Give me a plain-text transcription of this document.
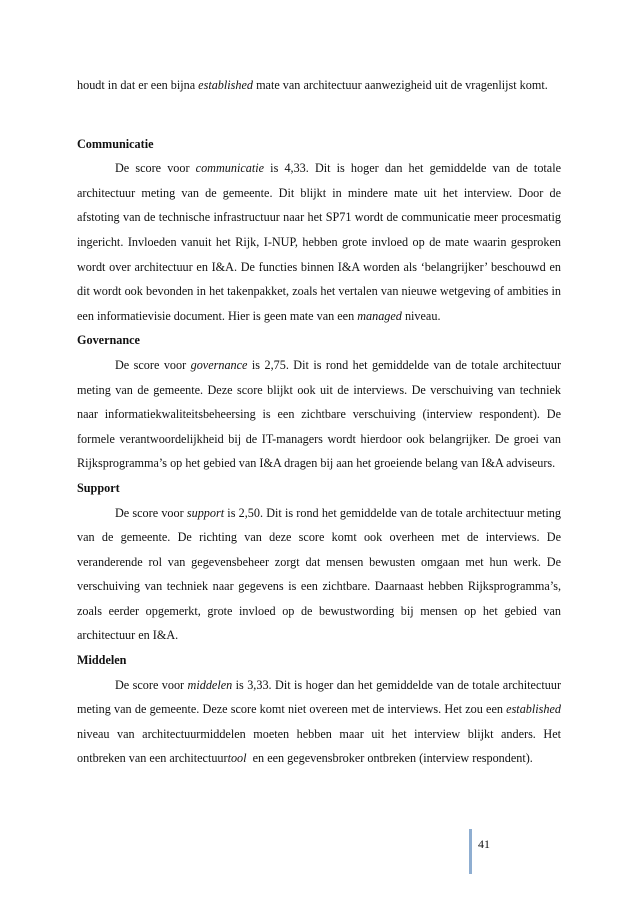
houdt in dat er een bijna established mate van architectuur aanwezigheid uit de vragenlijst komt.

Communicatie

De score voor communicatie is 4,33. Dit is hoger dan het gemiddelde van de totale architectuur meting van de gemeente. Dit blijkt in mindere mate uit het interview. Door de afstoting van de technische infrastructuur naar het SP71 wordt de communicatie meer procesmatig ingericht. Invloeden vanuit het Rijk, I-NUP, hebben grote invloed op de mate waarin gesproken wordt over architectuur en I&A. De functies binnen I&A worden als ‘belangrijker’ beschouwd en dit wordt ook bevonden in het takenpakket, zoals het vertalen van nieuwe wetgeving of ambities in een informatievisie document. Hier is geen mate van een managed niveau.

Governance

De score voor governance is 2,75. Dit is rond het gemiddelde van de totale architectuur meting van de gemeente. Deze score blijkt ook uit de interviews. De verschuiving van techniek naar informatiekwaliteitsbeheersing is een zichtbare verschuiving (interview respondent). De formele verantwoordelijkheid bij de IT-managers wordt hierdoor ook belangrijker. De groei van Rijksprogramma’s op het gebied van I&A dragen bij aan het groeiende belang van I&A adviseurs.

Support

De score voor support is 2,50. Dit is rond het gemiddelde van de totale architectuur meting van de gemeente. De richting van deze score komt ook overheen met de interviews. De veranderende rol van gegevensbeheer zorgt dat mensen bewusten omgaan met hun werk. De verschuiving van techniek naar gegevens is een zichtbare. Daarnaast hebben Rijksprogramma’s, zoals eerder opgemerkt, grote invloed op de bewustwording bij mensen op het gebied van architectuur en I&A.

Middelen

De score voor middelen is 3,33. Dit is hoger dan het gemiddelde van de totale architectuur meting van de gemeente. Deze score komt niet overeen met de interviews. Het zou een established niveau van architectuurmiddelen moeten hebben maar uit het interview blijkt anders. Het ontbreken van een architectuurtool  en een gegevensbroker ontbreken (interview respondent).

41
